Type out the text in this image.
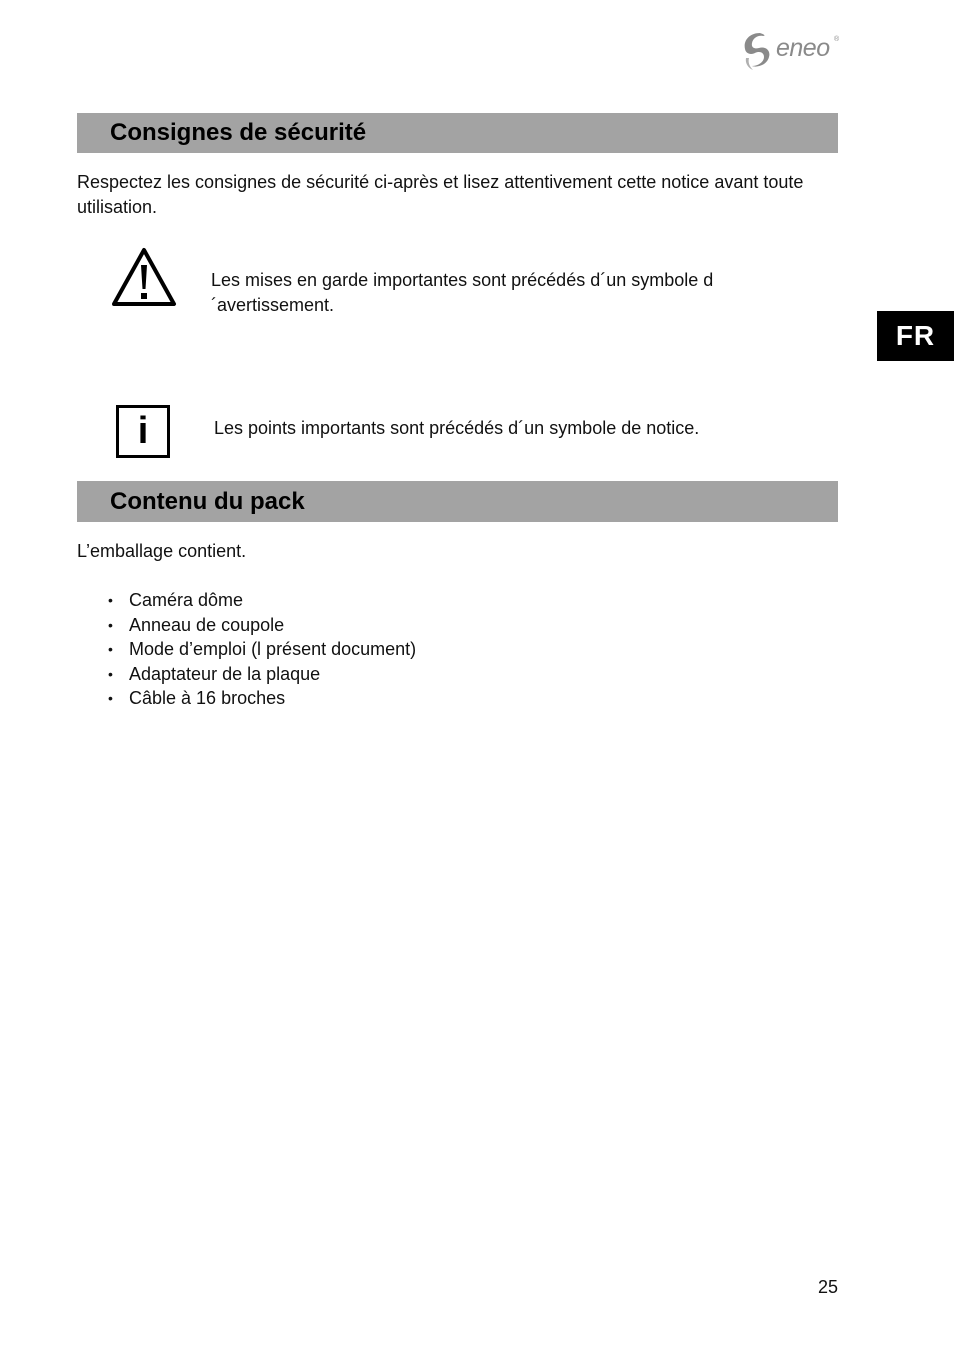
eneo ®
FR
Consignes de sécurité
Respectez les consignes de sécurité ci-après et lisez attentivement cette notice avant toute utilisation.
Les mises en garde importantes sont précédés d´un symbole d´avertissement.
i	Les points importants sont précédés d´un symbole de notice.
Contenu du pack
L’emballage contient.
• Caméra dôme
• Anneau de coupole
• Mode d’emploi (l présent document)
• Adaptateur de la plaque
• Câble à 16 broches
25
